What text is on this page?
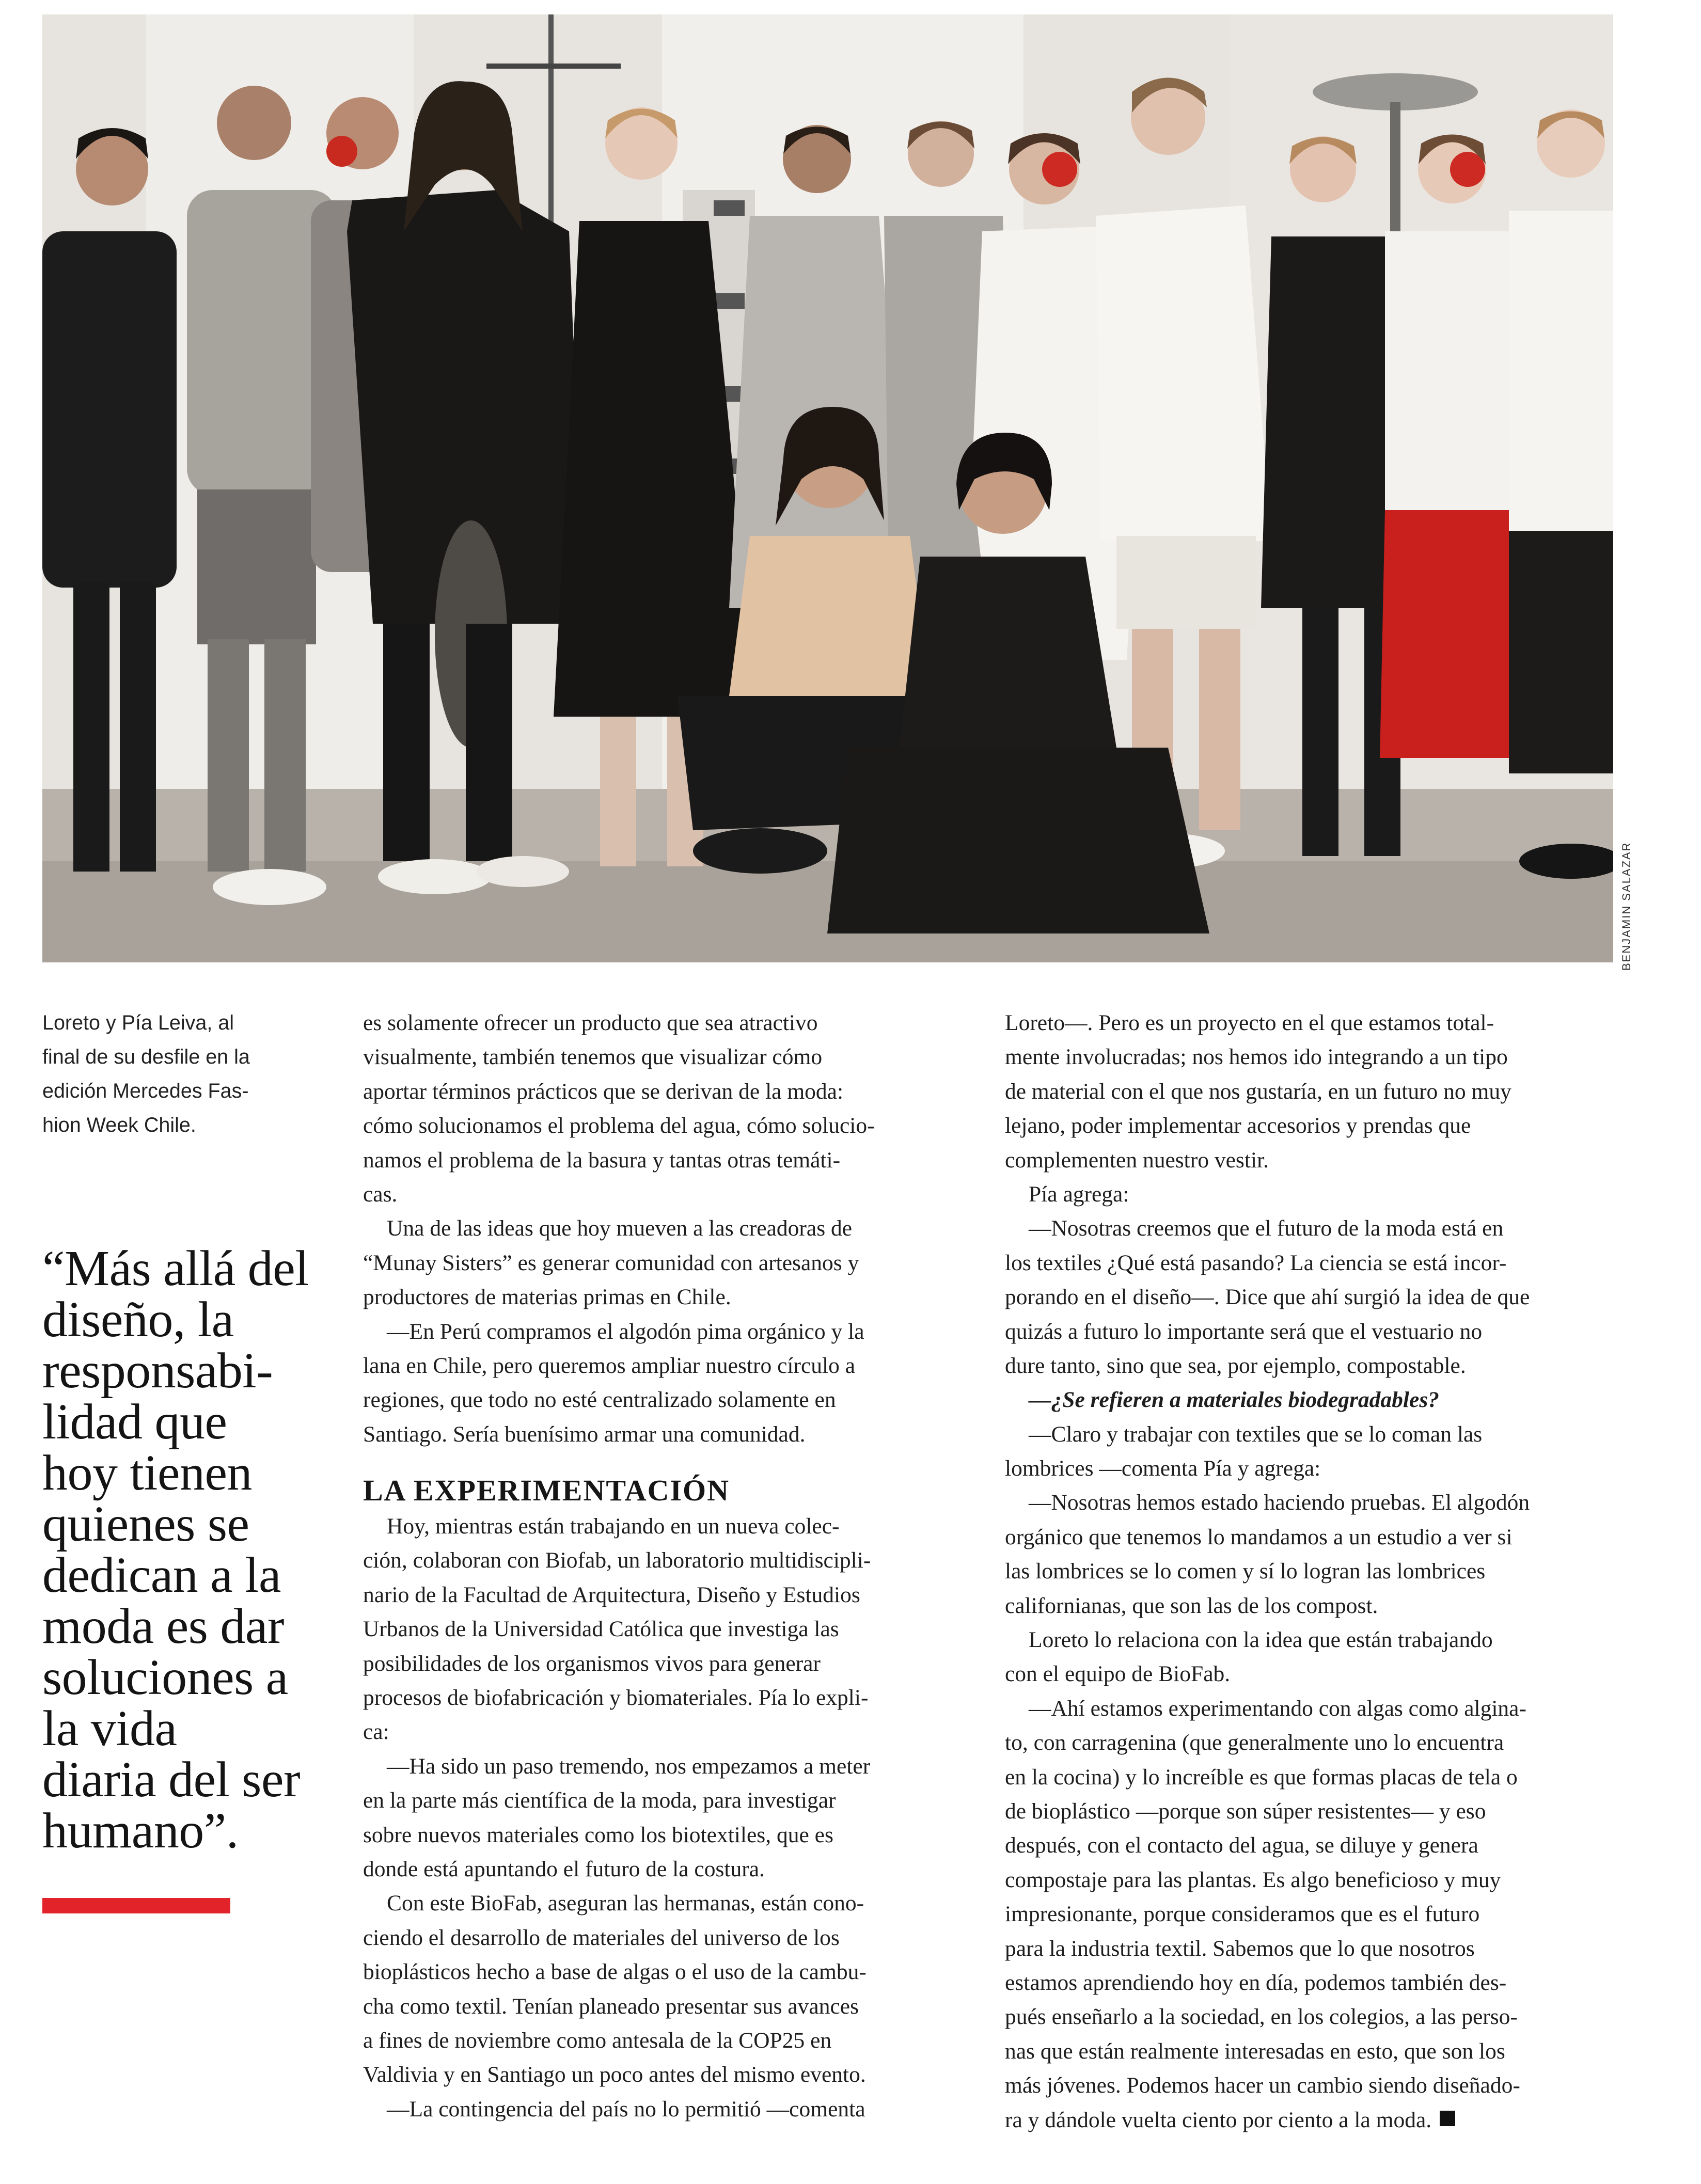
BENJAMIN SALAZAR
Loreto y Pía Leiva, al
final de su desfile en la
edición Mercedes Fas-
hion Week Chile.
“Más allá del
diseño, la
responsabi-
lidad que
hoy tienen
quienes se
dedican a la
moda es dar
soluciones a
la vida
diaria del ser
humano”.
es solamente ofrecer un producto que sea atractivo
visualmente, también tenemos que visualizar cómo
aportar términos prácticos que se derivan de la moda:
cómo solucionamos el problema del agua, cómo solucio-
namos el problema de la basura y tantas otras temáti-
cas.
Una de las ideas que hoy mueven a las creadoras de
“Munay Sisters” es generar comunidad con artesanos y
productores de materias primas en Chile.
—En Perú compramos el algodón pima orgánico y la
lana en Chile, pero queremos ampliar nuestro círculo a
regiones, que todo no esté centralizado solamente en
Santiago. Sería buenísimo armar una comunidad.
LA EXPERIMENTACIÓN
Hoy, mientras están trabajando en un nueva colec-
ción, colaboran con Biofab, un laboratorio multidiscipli-
nario de la Facultad de Arquitectura, Diseño y Estudios
Urbanos de la Universidad Católica que investiga las
posibilidades de los organismos vivos para generar
procesos de biofabricación y biomateriales. Pía lo expli-
ca:
—Ha sido un paso tremendo, nos empezamos a meter
en la parte más científica de la moda, para investigar
sobre nuevos materiales como los biotextiles, que es
donde está apuntando el futuro de la costura.
Con este BioFab, aseguran las hermanas, están cono-
ciendo el desarrollo de materiales del universo de los
bioplásticos hecho a base de algas o el uso de la cambu-
cha como textil. Tenían planeado presentar sus avances
a fines de noviembre como antesala de la COP25 en
Valdivia y en Santiago un poco antes del mismo evento.
—La contingencia del país no lo permitió —comenta
Loreto—. Pero es un proyecto en el que estamos total-
mente involucradas; nos hemos ido integrando a un tipo
de material con el que nos gustaría, en un futuro no muy
lejano, poder implementar accesorios y prendas que
complementen nuestro vestir.
Pía agrega:
—Nosotras creemos que el futuro de la moda está en
los textiles ¿Qué está pasando? La ciencia se está incor-
porando en el diseño—. Dice que ahí surgió la idea de que
quizás a futuro lo importante será que el vestuario no
dure tanto, sino que sea, por ejemplo, compostable.
—¿Se refieren a materiales biodegradables?
—Claro y trabajar con textiles que se lo coman las
lombrices —comenta Pía y agrega:
—Nosotras hemos estado haciendo pruebas. El algodón
orgánico que tenemos lo mandamos a un estudio a ver si
las lombrices se lo comen y sí lo logran las lombrices
californianas, que son las de los compost.
Loreto lo relaciona con la idea que están trabajando
con el equipo de BioFab.
—Ahí estamos experimentando con algas como algina-
to, con carragenina (que generalmente uno lo encuentra
en la cocina) y lo increíble es que formas placas de tela o
de bioplástico —porque son súper resistentes— y eso
después, con el contacto del agua, se diluye y genera
compostaje para las plantas. Es algo beneficioso y muy
impresionante, porque consideramos que es el futuro
para la industria textil. Sabemos que lo que nosotros
estamos aprendiendo hoy en día, podemos también des-
pués enseñarlo a la sociedad, en los colegios, a las perso-
nas que están realmente interesadas en esto, que son los
más jóvenes. Podemos hacer un cambio siendo diseñado-
ra y dándole vuelta ciento por ciento a la moda.
